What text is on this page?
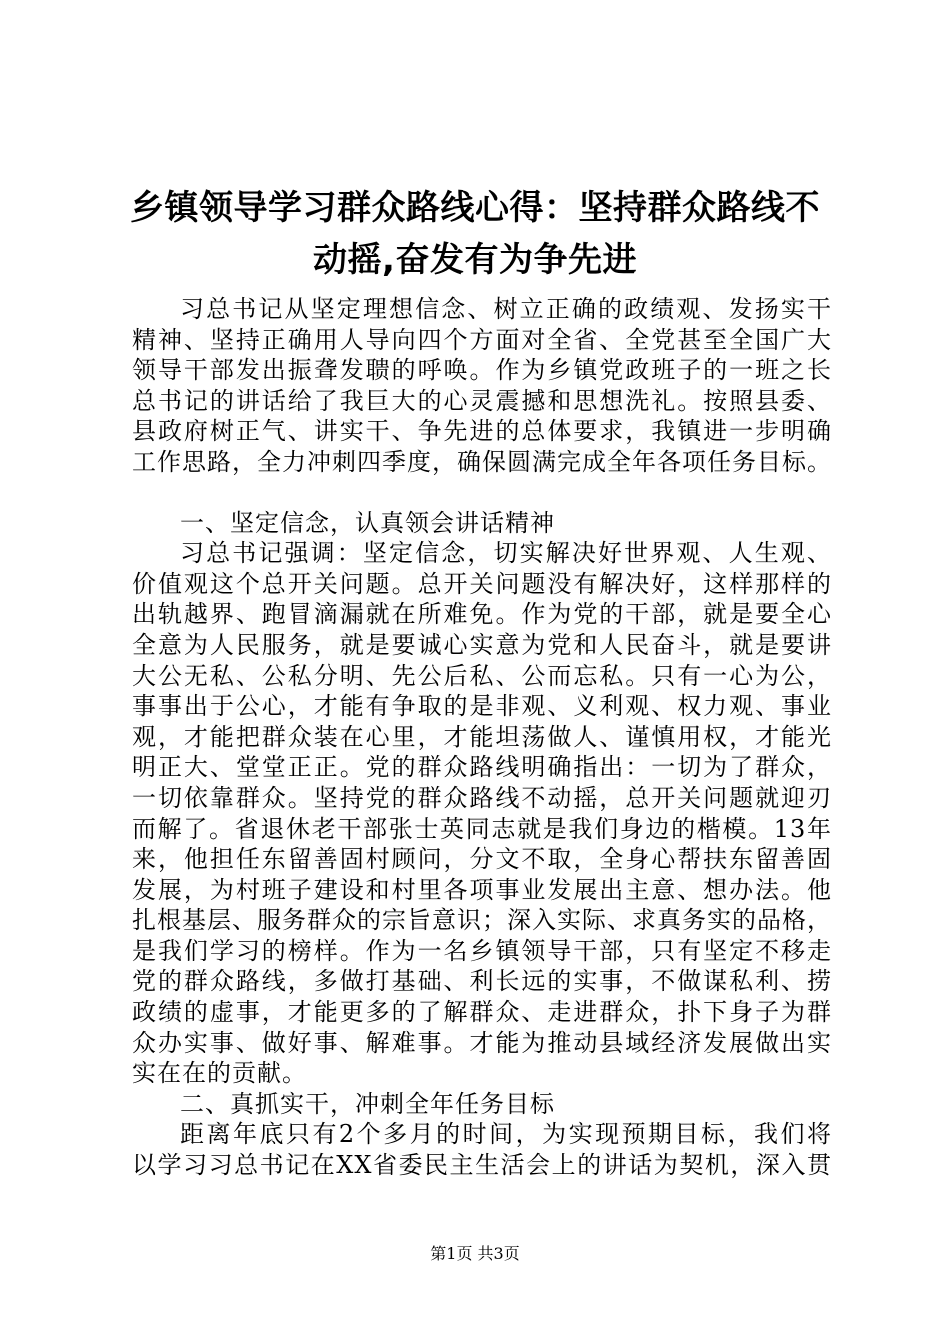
乡镇领导学习群众路线心得：坚持群众路线不
动摇,奋发有为争先进
习总书记从坚定理想信念、树立正确的政绩观、发扬实干
精神、坚持正确用人导向四个方面对全省、全党甚至全国广大
领导干部发出振聋发聩的呼唤。作为乡镇党政班子的一班之长
总书记的讲话给了我巨大的心灵震撼和思想洗礼。按照县委、
县政府树正气、讲实干、争先进的总体要求，我镇进一步明确
工作思路，全力冲刺四季度，确保圆满完成全年各项任务目标。
一、坚定信念，认真领会讲话精神
习总书记强调：坚定信念，切实解决好世界观、人生观、
价值观这个总开关问题。总开关问题没有解决好，这样那样的
出轨越界、跑冒滴漏就在所难免。作为党的干部，就是要全心
全意为人民服务，就是要诚心实意为党和人民奋斗，就是要讲
大公无私、公私分明、先公后私、公而忘私。只有一心为公，
事事出于公心，才能有争取的是非观、义利观、权力观、事业
观，才能把群众装在心里，才能坦荡做人、谨慎用权，才能光
明正大、堂堂正正。党的群众路线明确指出：一切为了群众，
一切依靠群众。坚持党的群众路线不动摇，总开关问题就迎刃
而解了。省退休老干部张士英同志就是我们身边的楷模。13年
来，他担任东留善固村顾问，分文不取，全身心帮扶东留善固
发展，为村班子建设和村里各项事业发展出主意、想办法。他
扎根基层、服务群众的宗旨意识；深入实际、求真务实的品格，
是我们学习的榜样。作为一名乡镇领导干部，只有坚定不移走
党的群众路线，多做打基础、利长远的实事，不做谋私利、捞
政绩的虚事，才能更多的了解群众、走进群众，扑下身子为群
众办实事、做好事、解难事。才能为推动县域经济发展做出实
实在在的贡献。
二、真抓实干，冲刺全年任务目标
距离年底只有2个多月的时间，为实现预期目标，我们将
以学习习总书记在XX省委民主生活会上的讲话为契机，深入贯
第1页 共3页
